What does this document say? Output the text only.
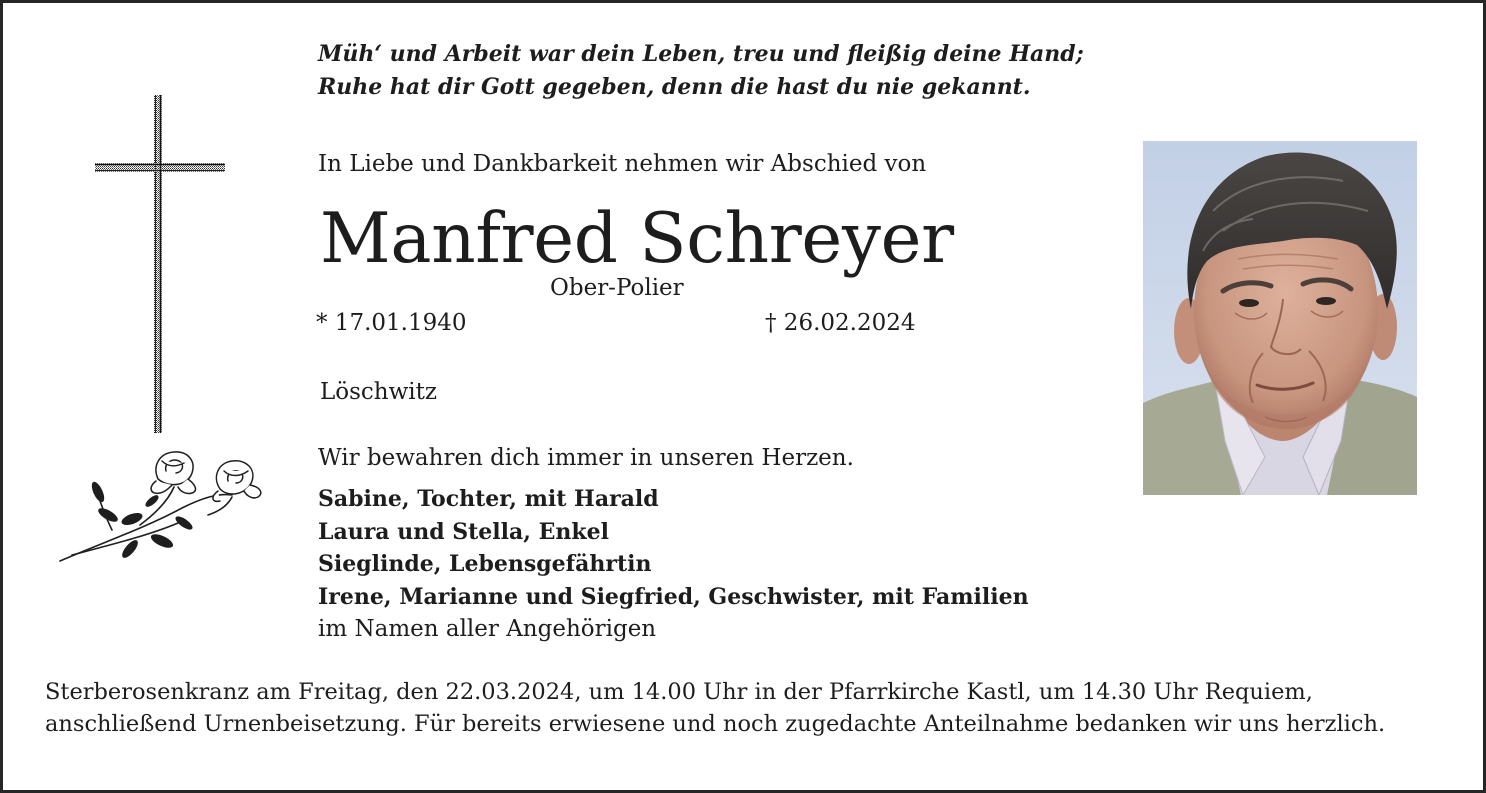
Müh‘ und Arbeit war dein Leben, treu und fleißig deine Hand;
Ruhe hat dir Gott gegeben, denn die hast du nie gekannt.
In Liebe und Dankbarkeit nehmen wir Abschied von
Manfred Schreyer
Ober-Polier
* 17.01.1940	† 26.02.2024
Löschwitz
Wir bewahren dich immer in unseren Herzen.
Sabine, Tochter, mit Harald
Laura und Stella, Enkel
Sieglinde, Lebensgefährtin
Irene, Marianne und Siegfried, Geschwister, mit Familien
im Namen aller Angehörigen
Sterberosenkranz am Freitag, den 22.03.2024, um 14.00 Uhr in der Pfarrkirche Kastl, um 14.30 Uhr Requiem,
anschließend Urnenbeisetzung. Für bereits erwiesene und noch zugedachte Anteilnahme bedanken wir uns herzlich.
